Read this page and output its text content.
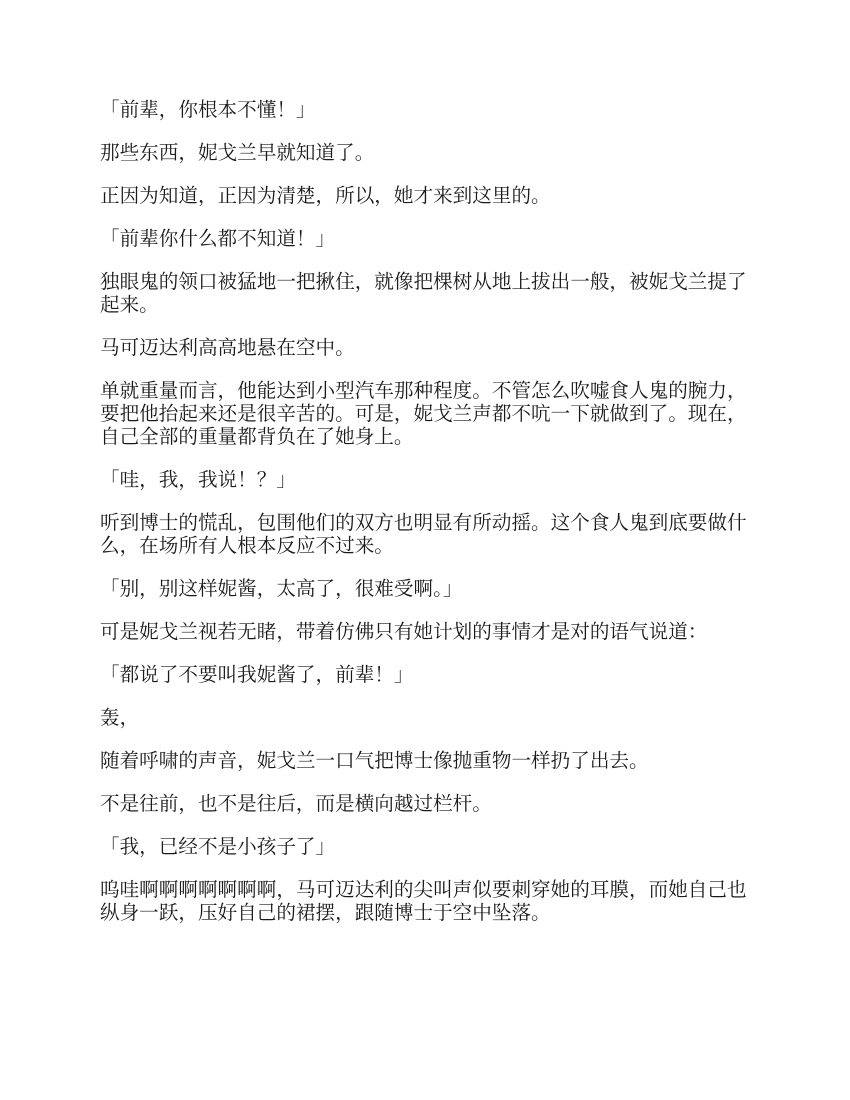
「前辈，你根本不懂！」

那些东西，妮戈兰早就知道了。

正因为知道，正因为清楚，所以，她才来到这里的。

「前辈你什么都不知道！」

独眼鬼的领口被猛地一把揪住，就像把棵树从地上拔出一般，被妮戈兰提了起来。

马可迈达利高高地悬在空中。

单就重量而言，他能达到小型汽车那种程度。不管怎么吹嘘食人鬼的腕力，要把他抬起来还是很辛苦的。可是，妮戈兰声都不吭一下就做到了。现在，自己全部的重量都背负在了她身上。

「哇，我，我说！？」

听到博士的慌乱，包围他们的双方也明显有所动摇。这个食人鬼到底要做什么，在场所有人根本反应不过来。

「别，别这样妮酱，太高了，很难受啊。」

可是妮戈兰视若无睹，带着仿佛只有她计划的事情才是对的语气说道：

「都说了不要叫我妮酱了，前辈！」

轰，

随着呼啸的声音，妮戈兰一口气把博士像抛重物一样扔了出去。

不是往前，也不是往后，而是横向越过栏杆。

「我，已经不是小孩子了」

呜哇啊啊啊啊啊啊啊，马可迈达利的尖叫声似要刺穿她的耳膜，而她自己也纵身一跃，压好自己的裙摆，跟随博士于空中坠落。
